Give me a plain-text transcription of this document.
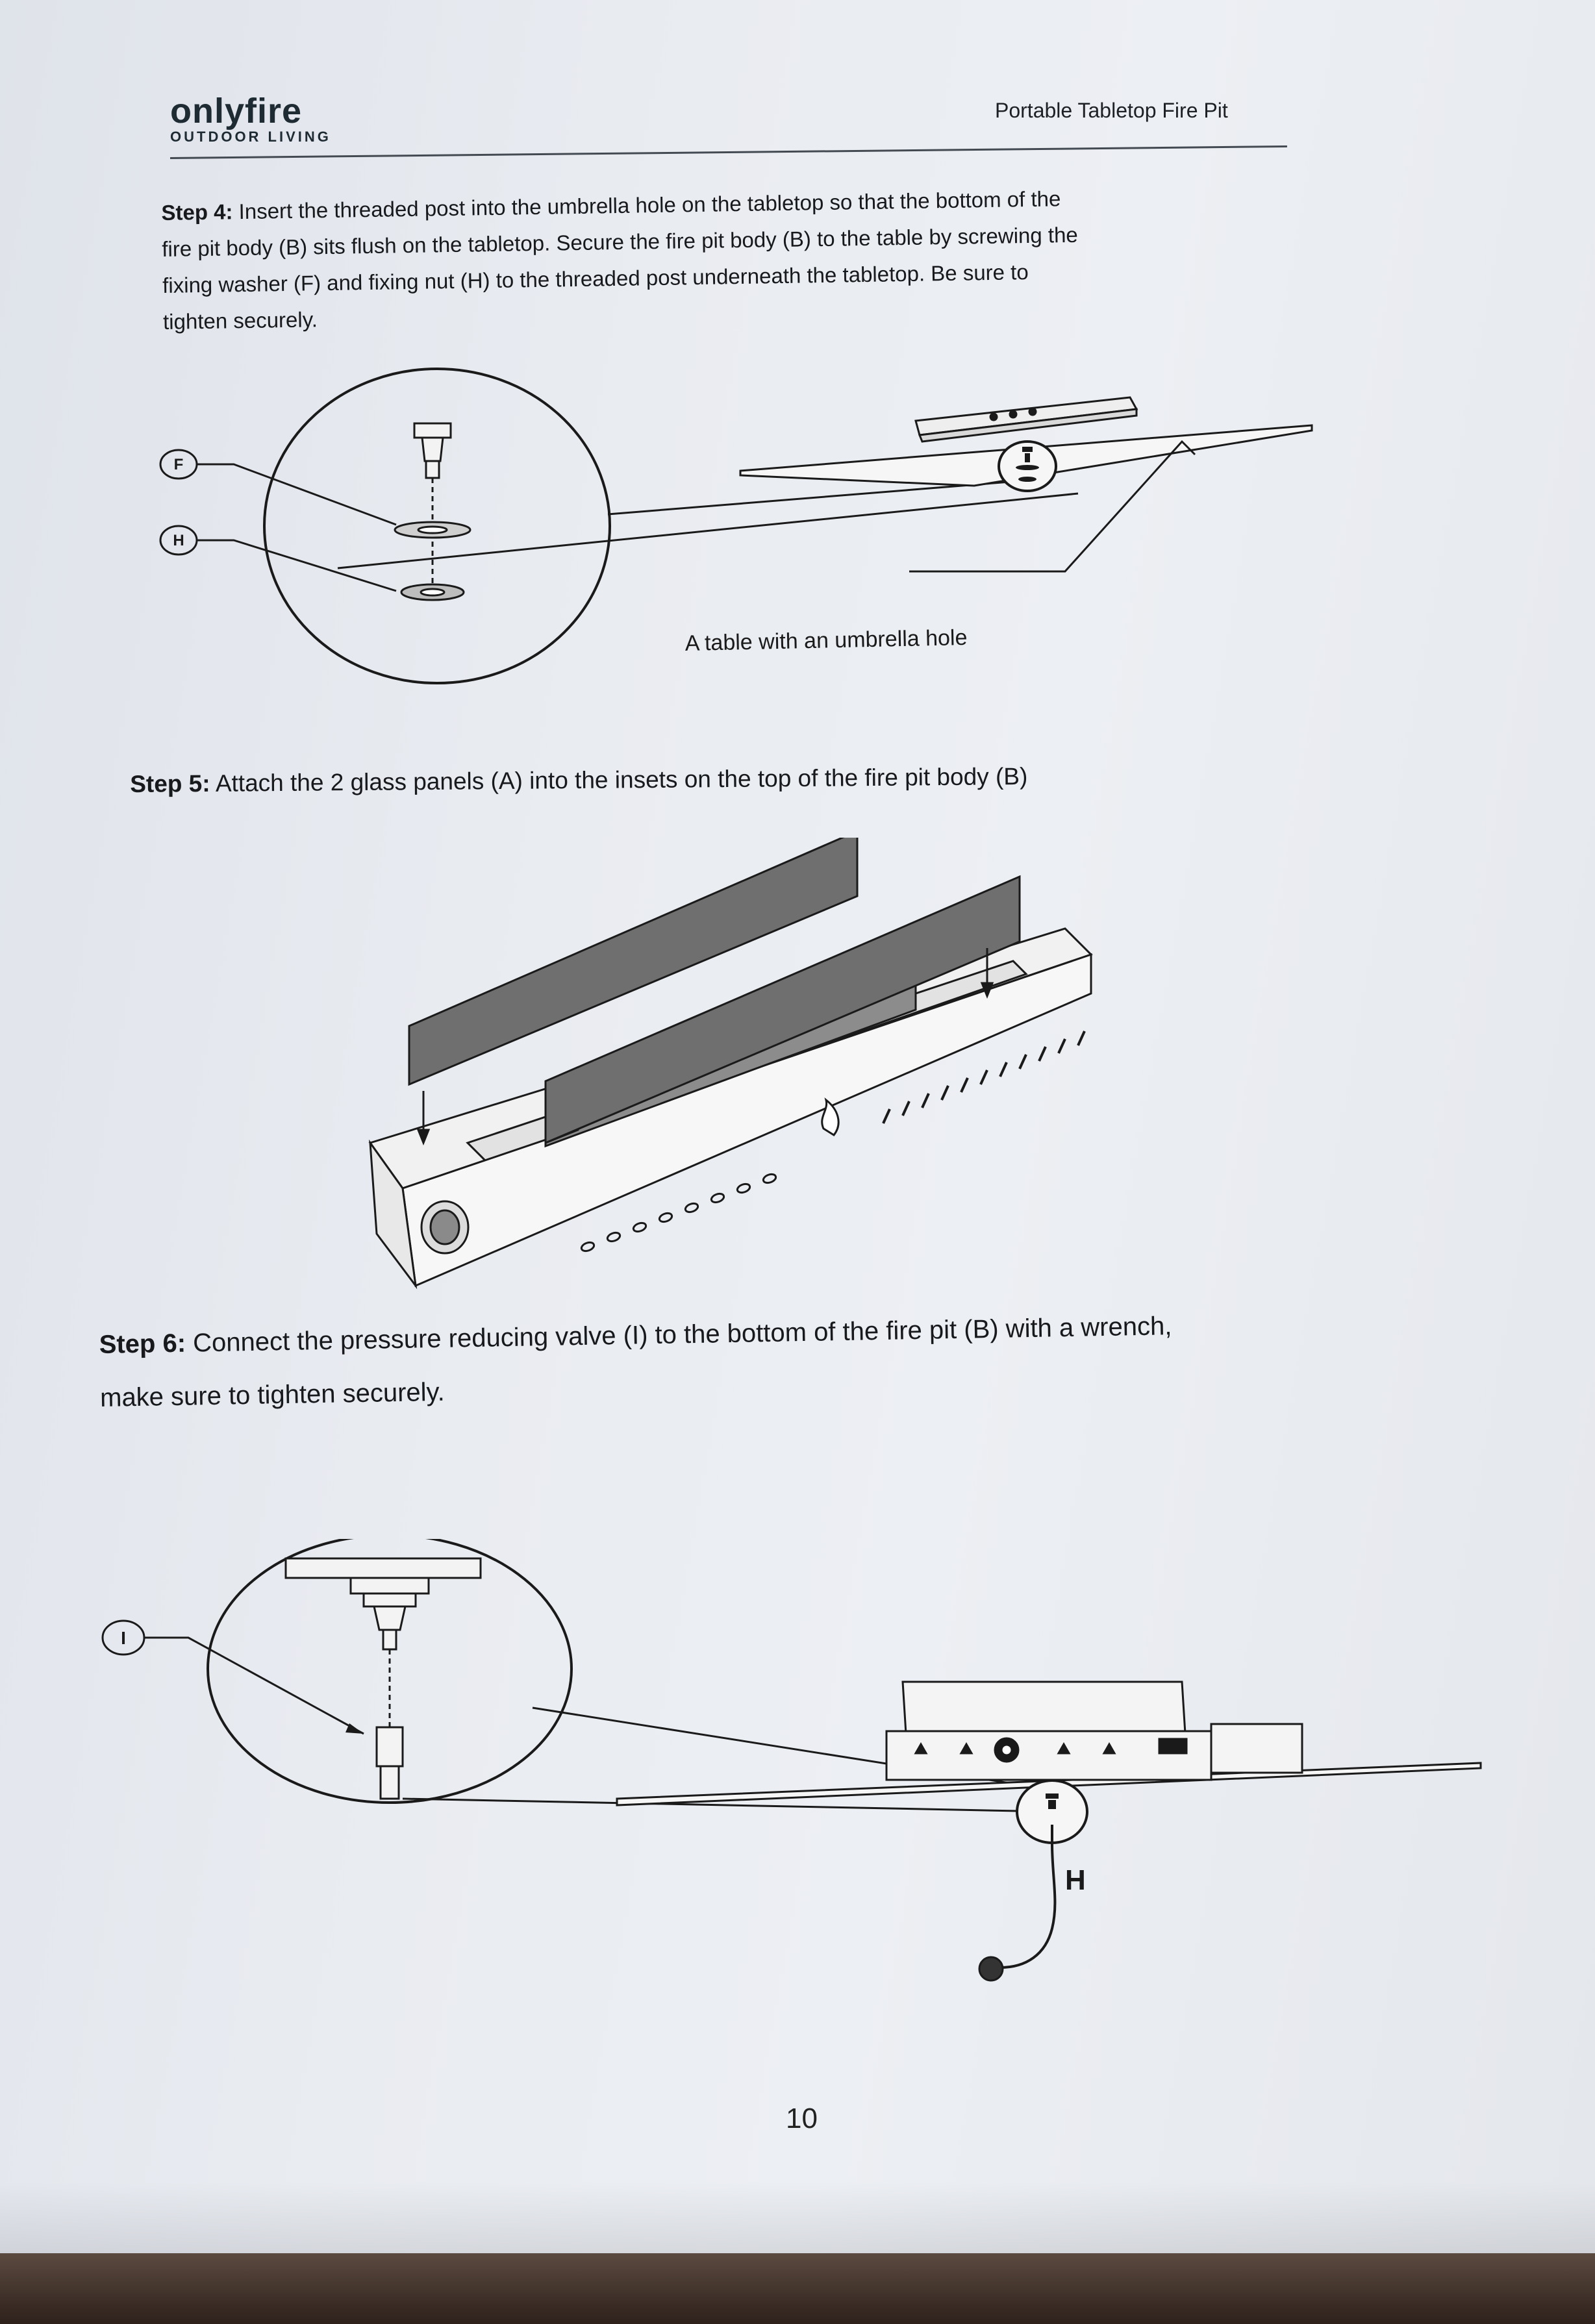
onlyfire
OUTDOOR LIVING
Portable Tabletop Fire Pit
Step 4: Insert the threaded post into the umbrella hole on the tabletop so that the bottom of the
fire pit body (B) sits flush on the tabletop. Secure the fire pit body (B) to the table by screwing the
fixing washer (F) and fixing nut (H) to the threaded post underneath the tabletop. Be sure to
tighten securely.
F
H
A table with an umbrella hole
Step 5: Attach the 2 glass panels (A) into the insets on the top of the fire pit body (B)
Step 6: Connect the pressure reducing valve (I) to the bottom of the fire pit (B) with a wrench,
make sure to tighten securely.
I
H
10
